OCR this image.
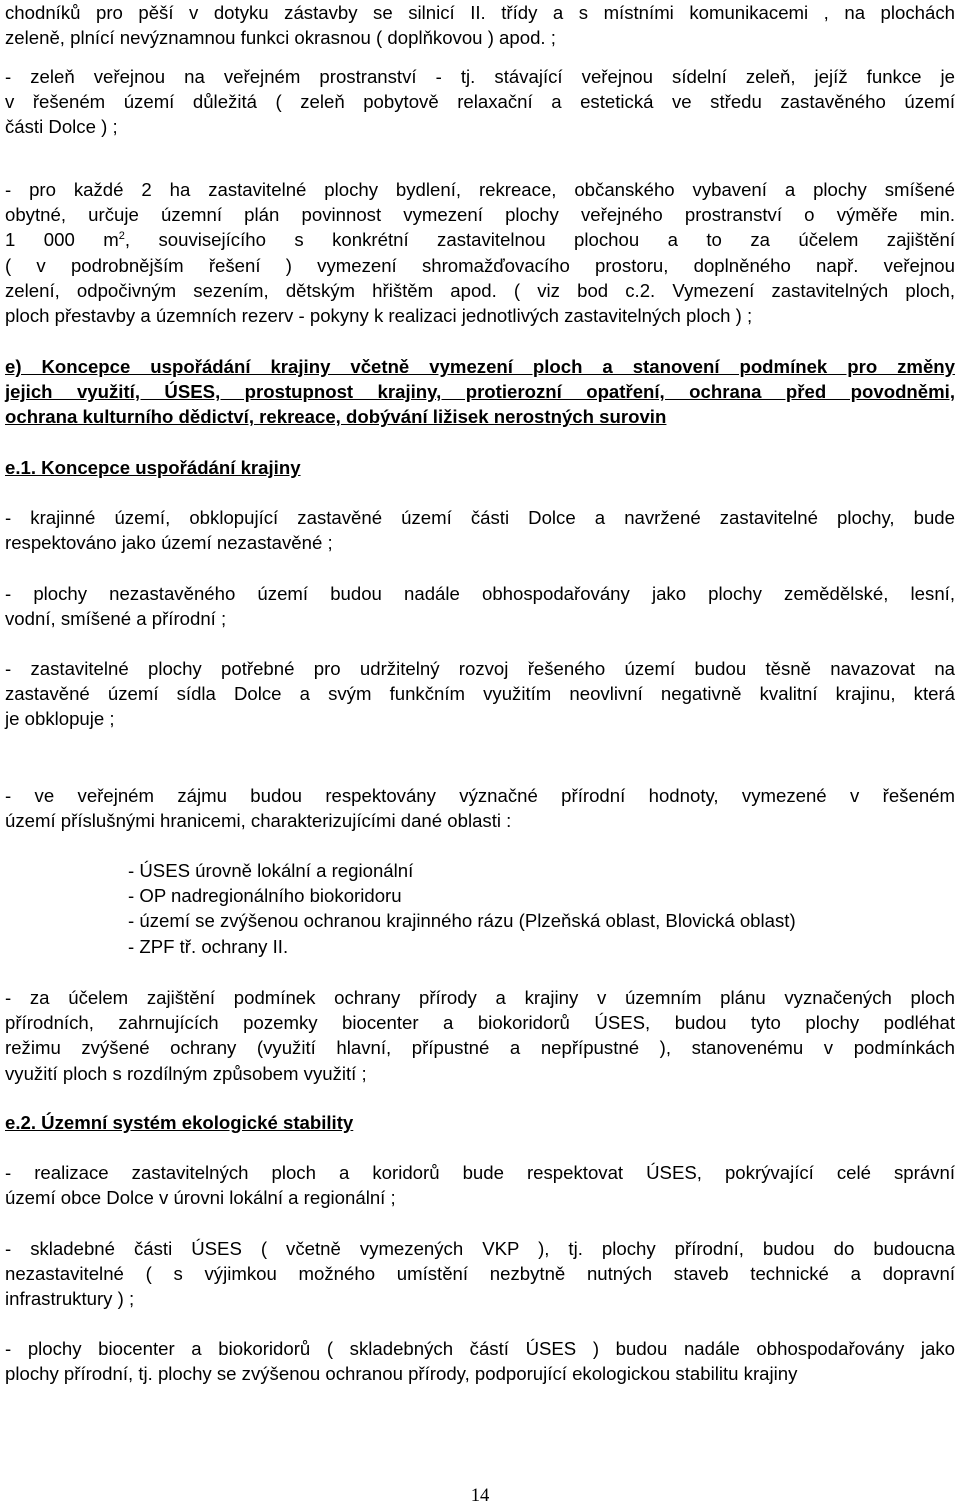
chodníků pro pěší v dotyku zástavby se silnicí II. třídy a s místními komunikacemi , na plochách
zeleně, plnící nevýznamnou funkci okrasnou ( doplňkovou ) apod. ;
- zeleň veřejnou na veřejném prostranství - tj. stávající veřejnou sídelní zeleň, jejíž funkce je
v řešeném území důležitá ( zeleň pobytově relaxační a estetická ve středu zastavěného území
části Dolce ) ;
- pro každé 2 ha zastavitelné plochy bydlení, rekreace, občanského vybavení a plochy smíšené
obytné, určuje územní plán povinnost vymezení plochy veřejného prostranství o výměře min.
1 000 $m^2$, souvisejícího s konkrétní zastavitelnou plochou a to za účelem zajištění
( v podrobnějším řešení ) vymezení shromažďovacího prostoru, doplněného např. veřejnou
zelení, odpočivným sezením, dětským hřištěm apod. ( viz bod c.2. Vymezení zastavitelných ploch,
ploch přestavby a územních rezerv - pokyny k realizaci jednotlivých zastavitelných ploch ) ;
e) Koncepce uspořádání krajiny včetně vymezení ploch a stanovení podmínek pro změny
jejich využití, ÚSES, prostupnost krajiny, protierozní opatření, ochrana před povodněmi,
ochrana kulturního dědictví, rekreace, dobývání ližisek nerostných surovin
e.1. Koncepce uspořádání krajiny
- krajinné území, obklopující zastavěné území části Dolce a navržené zastavitelné plochy, bude
respektováno jako území nezastavěné ;
- plochy nezastavěného území budou nadále obhospodařovány jako plochy zemědělské, lesní,
vodní, smíšené a přírodní ;
- zastavitelné plochy potřebné pro udržitelný rozvoj řešeného území budou těsně navazovat na
zastavěné území sídla Dolce a svým funkčním využitím neovlivní negativně kvalitní krajinu, která
je obklopuje ;
- ve veřejném zájmu budou respektovány význačné přírodní hodnoty, vymezené v řešeném
území příslušnými hranicemi, charakterizujícími dané oblasti :
- ÚSES úrovně lokální a regionální
- OP nadregionálního biokoridoru
- území se zvýšenou ochranou krajinného rázu (Plzeňská oblast, Blovická oblast)
- ZPF tř. ochrany II.
- za účelem zajištění podmínek ochrany přírody a krajiny v územním plánu vyznačených ploch
přírodních, zahrnujících pozemky biocenter a biokoridorů ÚSES, budou tyto plochy podléhat
režimu zvýšené ochrany (využití hlavní, přípustné a nepřípustné ), stanovenému v podmínkách
využití ploch s rozdílným způsobem využití ;
e.2. Územní systém ekologické stability
- realizace zastavitelných ploch a koridorů bude respektovat ÚSES, pokrývající celé správní
území obce Dolce v úrovni lokální a regionální ;
- skladebné části ÚSES ( včetně vymezených VKP ), tj. plochy přírodní, budou do budoucna
nezastavitelné ( s výjimkou možného umístění nezbytně nutných staveb technické a dopravní
infrastruktury ) ;
- plochy biocenter a biokoridorů ( skladebných částí ÚSES ) budou nadále obhospodařovány jako
plochy přírodní, tj. plochy se zvýšenou ochranou přírody, podporující ekologickou stabilitu krajiny
14
